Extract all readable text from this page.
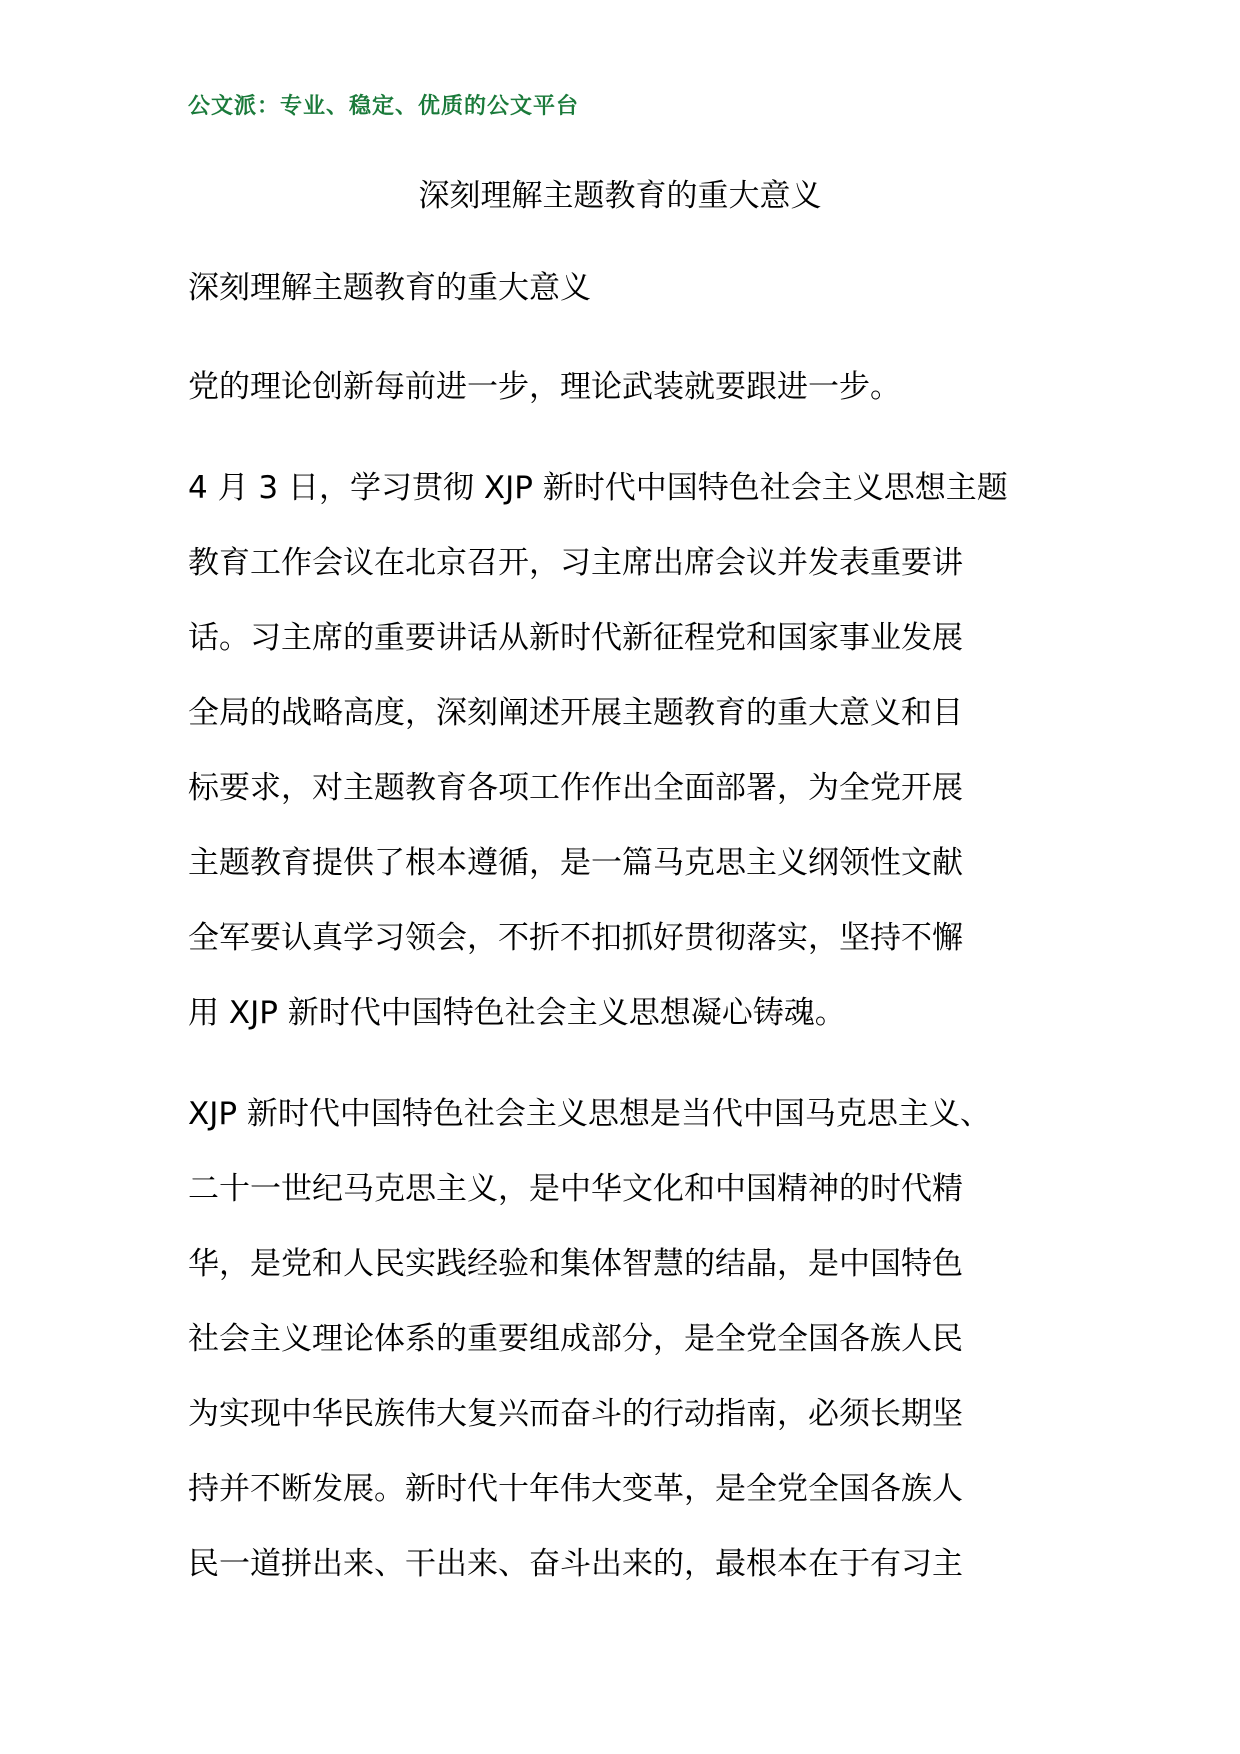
公文派：专业、稳定、优质的公文平台
深刻理解主题教育的重大意义
深刻理解主题教育的重大意义

党的理论创新每前进一步，理论武装就要跟进一步。

4 月 3 日，学习贯彻 XJP 新时代中国特色社会主义思想主题
教育工作会议在北京召开，习主席出席会议并发表重要讲
话。习主席的重要讲话从新时代新征程党和国家事业发展
全局的战略高度，深刻阐述开展主题教育的重大意义和目
标要求，对主题教育各项工作作出全面部署，为全党开展
主题教育提供了根本遵循，是一篇马克思主义纲领性文献
全军要认真学习领会，不折不扣抓好贯彻落实，坚持不懈
用 XJP 新时代中国特色社会主义思想凝心铸魂。

XJP 新时代中国特色社会主义思想是当代中国马克思主义、
二十一世纪马克思主义，是中华文化和中国精神的时代精
华，是党和人民实践经验和集体智慧的结晶，是中国特色
社会主义理论体系的重要组成部分，是全党全国各族人民
为实现中华民族伟大复兴而奋斗的行动指南，必须长期坚
持并不断发展。新时代十年伟大变革，是全党全国各族人
民一道拼出来、干出来、奋斗出来的，最根本在于有习主
